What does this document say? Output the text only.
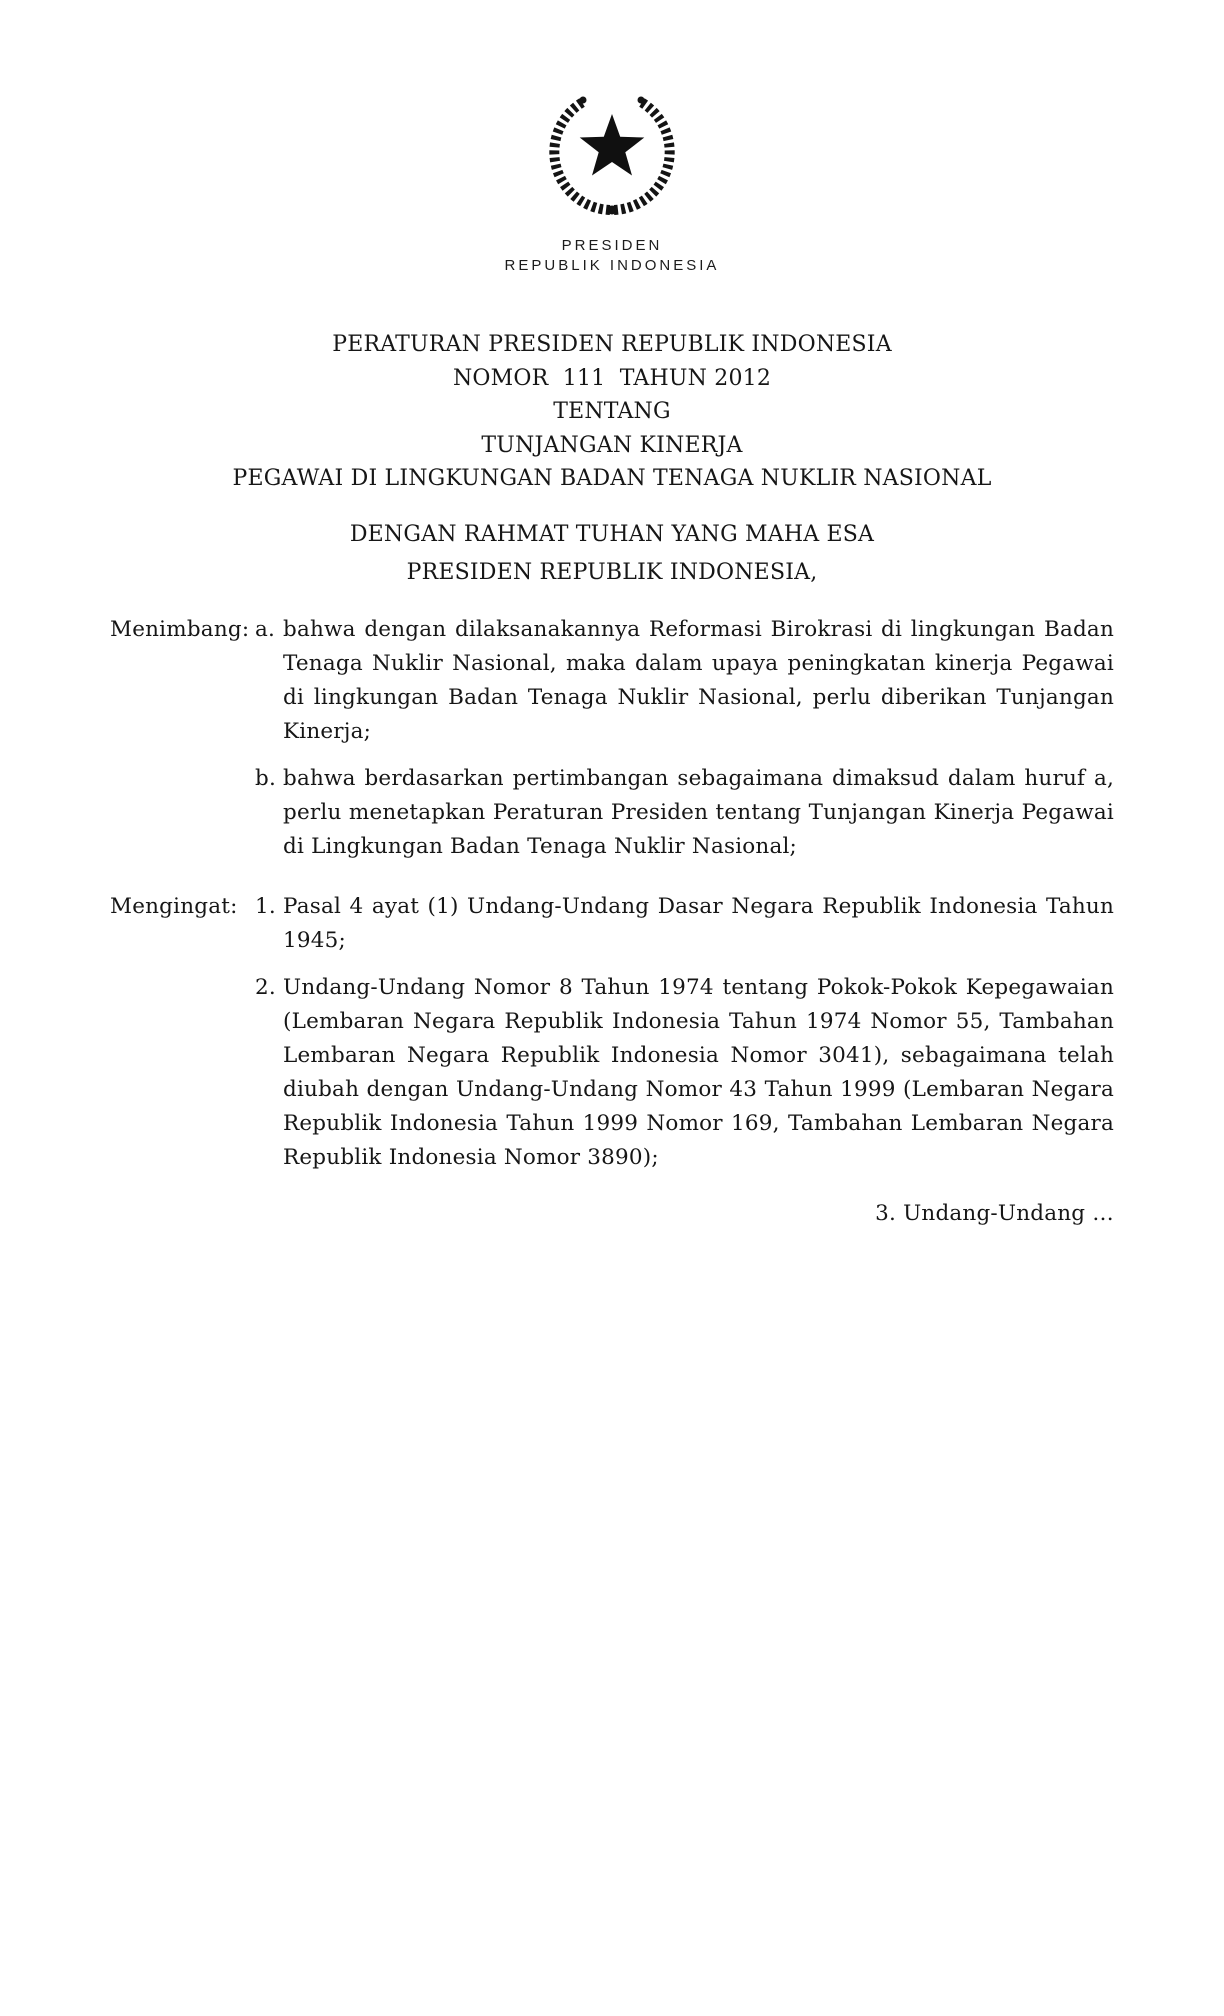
PRESIDEN
REPUBLIK INDONESIA
PERATURAN PRESIDEN REPUBLIK INDONESIA
NOMOR  111  TAHUN 2012
TENTANG
TUNJANGAN KINERJA
PEGAWAI DI LINGKUNGAN BADAN TENAGA NUKLIR NASIONAL
DENGAN RAHMAT TUHAN YANG MAHA ESA
PRESIDEN REPUBLIK INDONESIA,
Menimbang: a. bahwa dengan dilaksanakannya Reformasi Birokrasi di lingkungan Badan Tenaga Nuklir Nasional, maka dalam upaya peningkatan kinerja Pegawai di lingkungan Badan Tenaga Nuklir Nasional, perlu diberikan Tunjangan Kinerja;
b. bahwa berdasarkan pertimbangan sebagaimana dimaksud dalam huruf a, perlu menetapkan Peraturan Presiden tentang Tunjangan Kinerja Pegawai di Lingkungan Badan Tenaga Nuklir Nasional;
Mengingat: 1. Pasal 4 ayat (1) Undang-Undang Dasar Negara Republik Indonesia Tahun 1945;
2. Undang-Undang Nomor 8 Tahun 1974 tentang Pokok-Pokok Kepegawaian (Lembaran Negara Republik Indonesia Tahun 1974 Nomor 55, Tambahan Lembaran Negara Republik Indonesia Nomor 3041), sebagaimana telah diubah dengan Undang-Undang Nomor 43 Tahun 1999 (Lembaran Negara Republik Indonesia Tahun 1999 Nomor 169, Tambahan Lembaran Negara Republik Indonesia Nomor 3890);
3. Undang-Undang …
